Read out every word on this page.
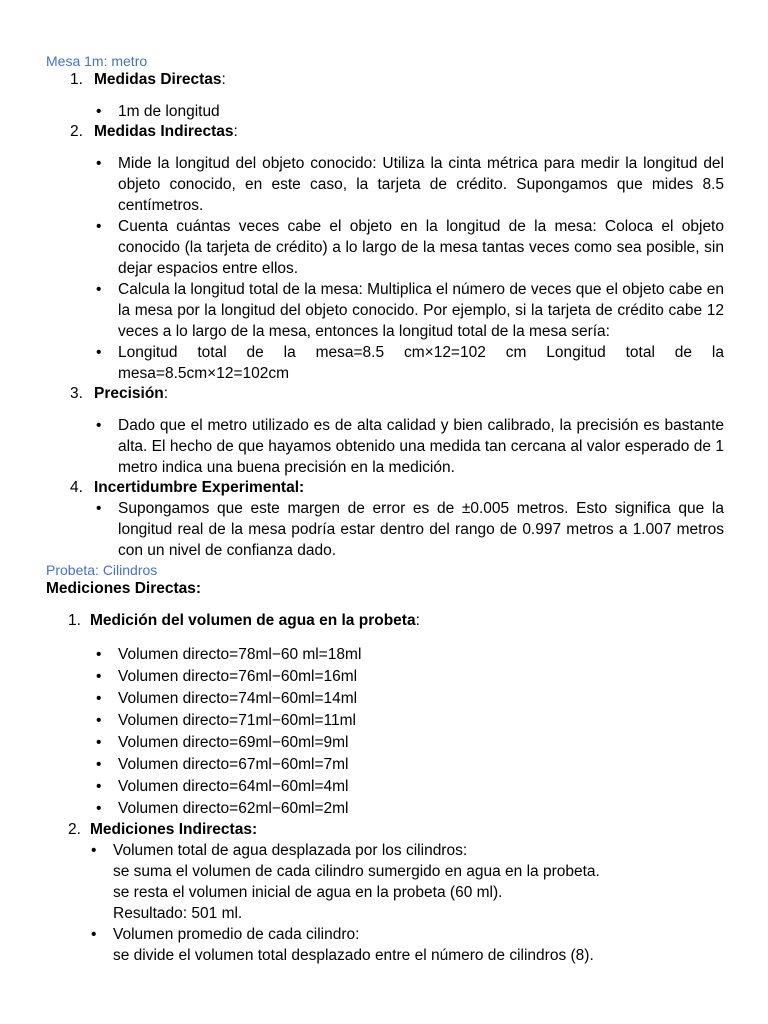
Mesa 1m: metro

1. Medidas Directas:
• 1m de longitud
2. Medidas Indirectas:
• Mide la longitud del objeto conocido: Utiliza la cinta métrica para medir la longitud del objeto conocido, en este caso, la tarjeta de crédito. Supongamos que mides 8.5 centímetros.
• Cuenta cuántas veces cabe el objeto en la longitud de la mesa: Coloca el objeto conocido (la tarjeta de crédito) a lo largo de la mesa tantas veces como sea posible, sin dejar espacios entre ellos.
• Calcula la longitud total de la mesa: Multiplica el número de veces que el objeto cabe en la mesa por la longitud del objeto conocido. Por ejemplo, si la tarjeta de crédito cabe 12 veces a lo largo de la mesa, entonces la longitud total de la mesa sería:
• Longitud total de la mesa=8.5 cm×12=102 cm Longitud total de la mesa=8.5cm×12=102cm
3. Precisión:
• Dado que el metro utilizado es de alta calidad y bien calibrado, la precisión es bastante alta. El hecho de que hayamos obtenido una medida tan cercana al valor esperado de 1 metro indica una buena precisión en la medición.
4. Incertidumbre Experimental:
• Supongamos que este margen de error es de ±0.005 metros. Esto significa que la longitud real de la mesa podría estar dentro del rango de 0.997 metros a 1.007 metros con un nivel de confianza dado.

Probeta: Cilindros

Mediciones Directas:

1. Medición del volumen de agua en la probeta:
• Volumen directo=78ml−60 ml=18ml
• Volumen directo=76ml−60ml=16ml
• Volumen directo=74ml−60ml=14ml
• Volumen directo=71ml−60ml=11ml
• Volumen directo=69ml−60ml=9ml
• Volumen directo=67ml−60ml=7ml
• Volumen directo=64ml−60ml=4ml
• Volumen directo=62ml−60ml=2ml
2. Mediciones Indirectas:
• Volumen total de agua desplazada por los cilindros:
se suma el volumen de cada cilindro sumergido en agua en la probeta.
se resta el volumen inicial de agua en la probeta (60 ml).
Resultado: 501 ml.
• Volumen promedio de cada cilindro:
se divide el volumen total desplazado entre el número de cilindros (8).
